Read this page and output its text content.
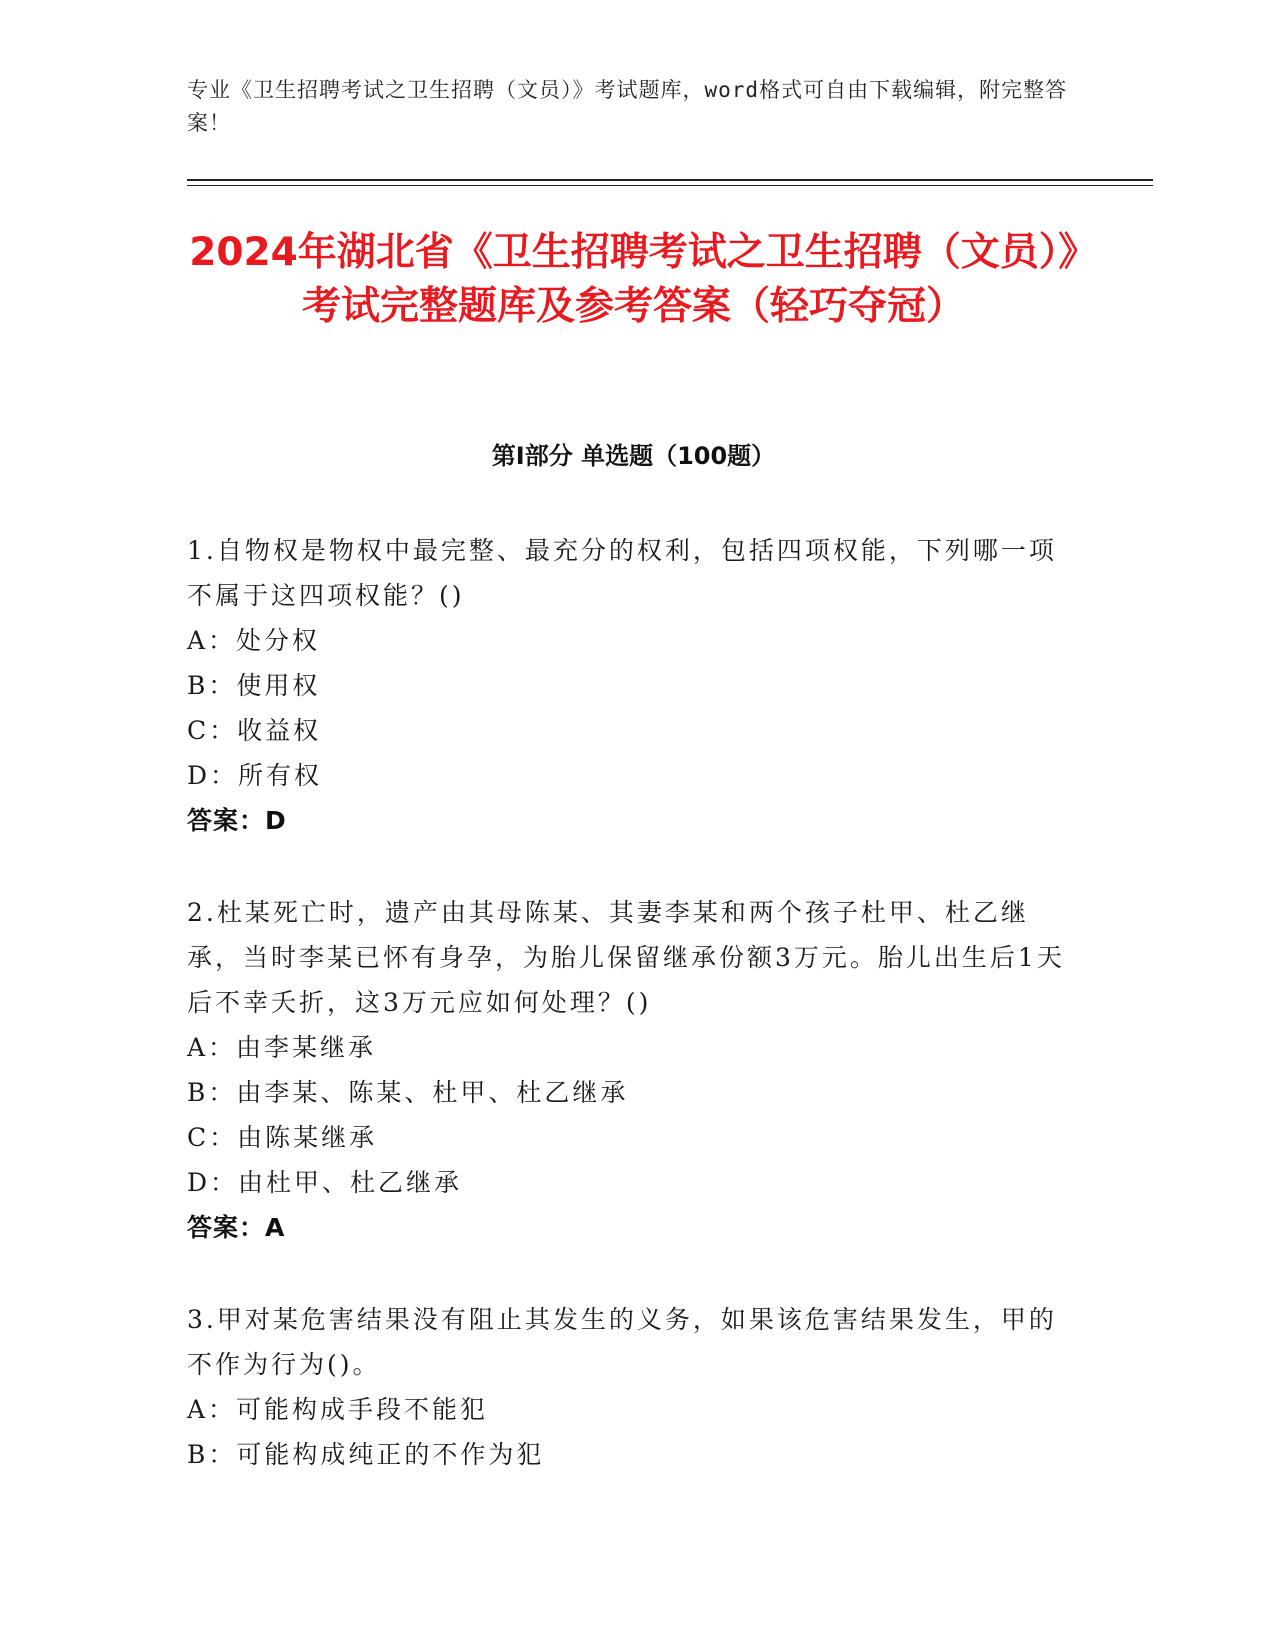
专业《卫生招聘考试之卫生招聘（文员）》考试题库，word格式可自由下载编辑，附完整答案！
2024年湖北省《卫生招聘考试之卫生招聘（文员）》考试完整题库及参考答案（轻巧夺冠）
第Ⅰ部分 单选题（100题）

1.自物权是物权中最完整、最充分的权利，包括四项权能，下列哪一项不属于这四项权能？()

A：处分权

B：使用权

C：收益权

D：所有权

答案：D

2.杜某死亡时，遗产由其母陈某、其妻李某和两个孩子杜甲、杜乙继承，当时李某已怀有身孕，为胎儿保留继承份额3万元。胎儿出生后1天后不幸夭折，这3万元应如何处理？()

A：由李某继承

B：由李某、陈某、杜甲、杜乙继承

C：由陈某继承

D：由杜甲、杜乙继承

答案：A

3.甲对某危害结果没有阻止其发生的义务，如果该危害结果发生，甲的不作为行为()。

A：可能构成手段不能犯

B：可能构成纯正的不作为犯
